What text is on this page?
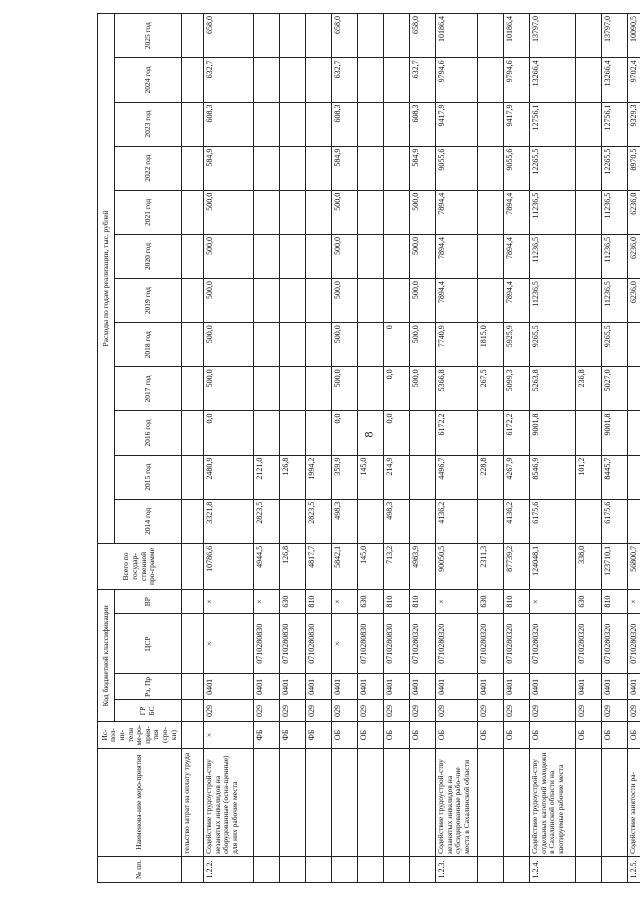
8
№ пп.	Наименова-ние меро-приятия	Ис-пол-ни-тели ме-ро-прия-тия (сро-ки)	Код бюджетной классификации				Всего по государ-ственной про-грамме	Расходы по годам реализации, тыс. рублей											
			ГР БС	Рз, Пр	ЦСР	ВР		2014 год	2015 год	2016 год	2017 год	2018 год	2019 год	2020 год	2021 год	2022 год	2023 год	2024 год	2025 год
	тельство затрат на оплату труда																		
1.2.2.	Содействие трудоустрой-ству незанятых инвалидов на оборудованные (осна-щенные) для них рабочие места	×	029	0401	×	×	10786,6	3321,8	2480,9	0,0	500,0	500,0	500,0	500,0	500,0	584,9	608,3	632,7	658,0
		ФБ	029	0401	0710280830	×	4944,5	2823,5	2121,0										
		ФБ	029	0401	0710280830	630	126,8		126,8										
		ФБ	029	0401	0710280830	810	4817,7	2823,5	1994,2										
		ОБ	029	0401	×	×	5842,1	498,3	359,9	0,0	500,0	500,0	500,0	500,0	500,0	584,9	608,3	632,7	658,0
		ОБ	029	0401	0710280830	630	145,0		145,0										
		ОБ	029	0401	0710280830	810	713,2	498,3	214,9	0,0	0,0	0							
		ОБ	029	0401	0710280320	810	4983,9				500,0	500,0	500,0	500,0	500,0	584,9	608,3	632,7	658,0
1.2.3.	Содействие трудоустрой-ству незанятых инвалидов на субсидированные рабо-чие места в Сахалинской области	ОБ	029	0401	0710280320	×	90050,5	4136,2	4496,7	6172,2	5366,8	7740,9	7894,4	7894,4	7894,4	9055,6	9417,9	9794,6	10186,4
		ОБ	029	0401	0710280320	630	2311,3		228,8		267,5	1815,0							
		ОБ	029	0401	0710280320	810	87739,2	4136,2	4267,9	6172,2	5099,3	5925,9	7894,4	7894,4	7894,4	9055,6	9417,9	9794,6	10186,4
1.2.4.	Содействие трудоустрой-ству отдельных категорий молодежи в Сахалинской области на квотируемые рабочие места	ОБ	029	0401	0710280320	×	124048,1	6175,6	8546,9	9001,8	5263,8	9265,5	11236,5	11236,5	11236,5	12265,5	12756,1	13266,4	13797,0
		ОБ	029	0401	0710280320	630	338,0		101,2		236,8								
		ОБ	029	0401	0710280320	810	123710,1	6175,6	8445,7	9001,8	5027,0	9265,5	11236,5	11236,5	11236,5	12265,5	12756,1	13266,4	13797,0
1.2.5.	Содействие занятости ра-	ОБ	029	0401	0710280320	×	56800,7						6236,0	6236,0	6236,0	8970,5	9329,3	9702,4	10090,5
